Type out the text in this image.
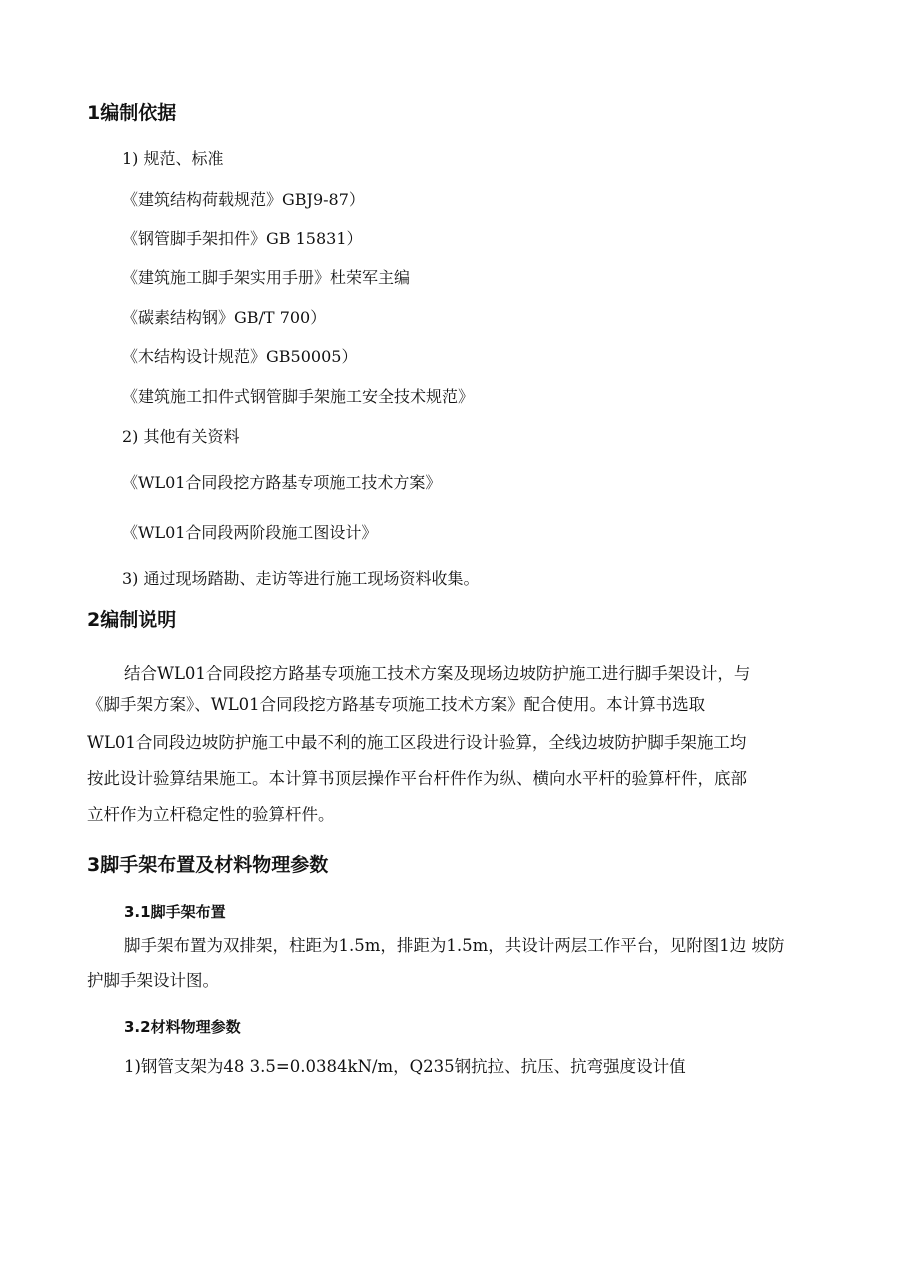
1编制依据
1) 规范、标准
《建筑结构荷载规范》GBJ9-87）
《钢管脚手架扣件》GB 15831）
《建筑施工脚手架实用手册》杜荣军主编
《碳素结构钢》GB/T 700）
《木结构设计规范》GB50005）
《建筑施工扣件式钢管脚手架施工安全技术规范》
2) 其他有关资料
《WL01合同段挖方路基专项施工技术方案》
《WL01合同段两阶段施工图设计》
3) 通过现场踏勘、走访等进行施工现场资料收集。
2编制说明
结合WL01合同段挖方路基专项施工技术方案及现场边坡防护施工进行脚手架设计，与
《脚手架方案》、WL01合同段挖方路基专项施工技术方案》配合使用。本计算书选取
WL01合同段边坡防护施工中最不利的施工区段进行设计验算，全线边坡防护脚手架施工均
按此设计验算结果施工。本计算书顶层操作平台杆件作为纵、横向水平杆的验算杆件，底部
立杆作为立杆稳定性的验算杆件。
3脚手架布置及材料物理参数
3.1脚手架布置
脚手架布置为双排架，柱距为1.5m，排距为1.5m，共设计两层工作平台，见附图1边 坡防
护脚手架设计图。
3.2材料物理参数
1)钢管支架为48 3.5=0.0384kN/m，Q235钢抗拉、抗压、抗弯强度设计值
